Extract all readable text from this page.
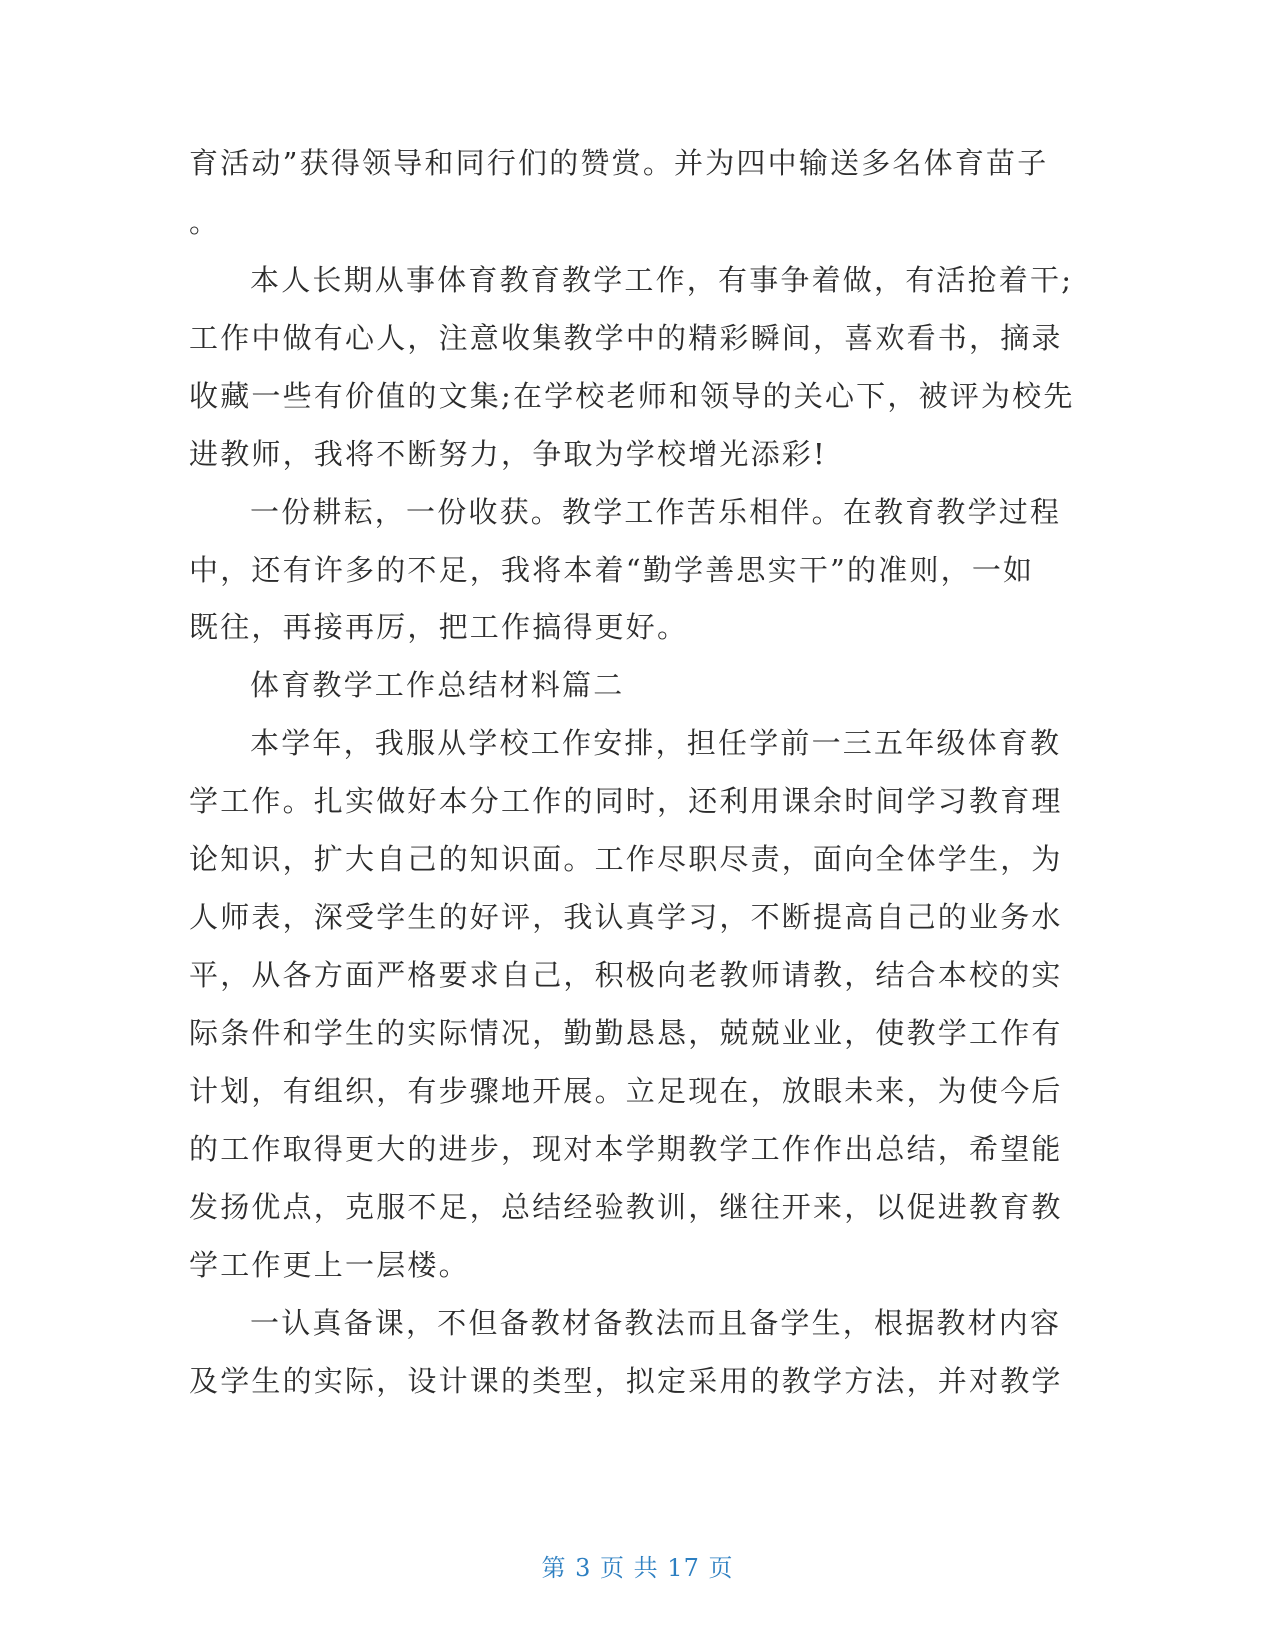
育活动”获得领导和同行们的赞赏。并为四中输送多名体育苗子
。
本人长期从事体育教育教学工作，有事争着做，有活抢着干;
工作中做有心人，注意收集教学中的精彩瞬间，喜欢看书，摘录
收藏一些有价值的文集;在学校老师和领导的关心下，被评为校先
进教师，我将不断努力，争取为学校增光添彩!
一份耕耘，一份收获。教学工作苦乐相伴。在教育教学过程
中，还有许多的不足，我将本着“勤学善思实干”的准则，一如
既往，再接再厉，把工作搞得更好。
体育教学工作总结材料篇二
本学年，我服从学校工作安排，担任学前一三五年级体育教
学工作。扎实做好本分工作的同时，还利用课余时间学习教育理
论知识，扩大自己的知识面。工作尽职尽责，面向全体学生，为
人师表，深受学生的好评，我认真学习，不断提高自己的业务水
平，从各方面严格要求自己，积极向老教师请教，结合本校的实
际条件和学生的实际情况，勤勤恳恳，兢兢业业，使教学工作有
计划，有组织，有步骤地开展。立足现在，放眼未来，为使今后
的工作取得更大的进步，现对本学期教学工作作出总结，希望能
发扬优点，克服不足，总结经验教训，继往开来，以促进教育教
学工作更上一层楼。
一认真备课，不但备教材备教法而且备学生，根据教材内容
及学生的实际，设计课的类型，拟定采用的教学方法，并对教学
第 3 页 共 17 页
